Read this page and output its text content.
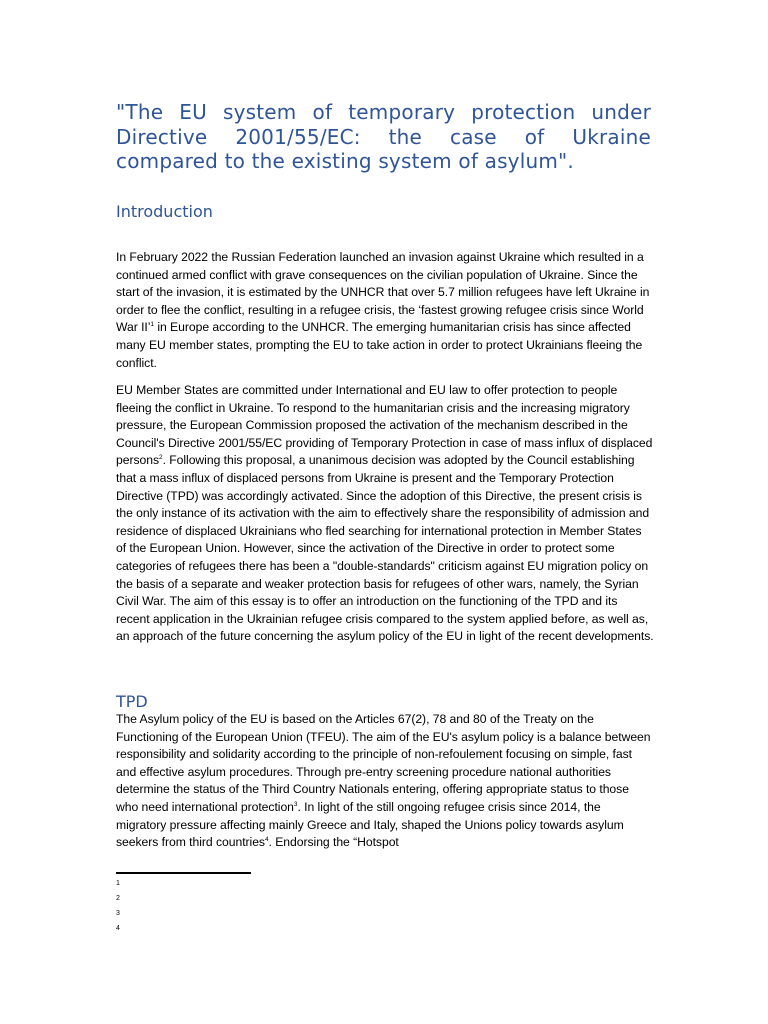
"The EU system of temporary protection under Directive 2001/55/EC: the case of Ukraine compared to the existing system of asylum".
Introduction

In February 2022 the Russian Federation launched an invasion against Ukraine which resulted in a continued armed conflict with grave consequences on the civilian population of Ukraine. Since the start of the invasion, it is estimated by the UNHCR that over 5.7 million refugees have left Ukraine in order to flee the conflict, resulting in a refugee crisis, the ‘fastest growing refugee crisis since World War II’$^1$ in Europe according to the UNHCR. The emerging humanitarian crisis has since affected many EU member states, prompting the EU to take action in order to protect Ukrainians fleeing the conflict.

EU Member States are committed under International and EU law to offer protection to people fleeing the conflict in Ukraine. To respond to the humanitarian crisis and the increasing migratory pressure, the European Commission proposed the activation of the mechanism described in the Council's Directive 2001/55/EC providing of Temporary Protection in case of mass influx of displaced persons$^2$. Following this proposal, a unanimous decision was adopted by the Council establishing that a mass influx of displaced persons from Ukraine is present and the Temporary Protection Directive (TPD) was accordingly activated. Since the adoption of this Directive, the present crisis is the only instance of its activation with the aim to effectively share the responsibility of admission and residence of displaced Ukrainians who fled searching for international protection in Member States of the European Union. However, since the activation of the Directive in order to protect some categories of refugees there has been a "double-standards" criticism against EU migration policy on the basis of a separate and weaker protection basis for refugees of other wars, namely, the Syrian Civil War. The aim of this essay is to offer an introduction on the functioning of the TPD and its recent application in the Ukrainian refugee crisis compared to the system applied before, as well as, an approach of the future concerning the asylum policy of the EU in light of the recent developments.

TPD

The Asylum policy of the EU is based on the Articles 67(2), 78 and 80 of the Treaty on the Functioning of the European Union (TFEU). The aim of the EU's asylum policy is a balance between responsibility and solidarity according to the principle of non-refoulement focusing on simple, fast and effective asylum procedures. Through pre-entry screening procedure national authorities determine the status of the Third Country Nationals entering, offering appropriate status to those who need international protection$^3$. In light of the still ongoing refugee crisis since 2014, the migratory pressure affecting mainly Greece and Italy, shaped the Unions policy towards asylum seekers from third countries$^4$. Endorsing the “Hotspot

1
2
3
4
